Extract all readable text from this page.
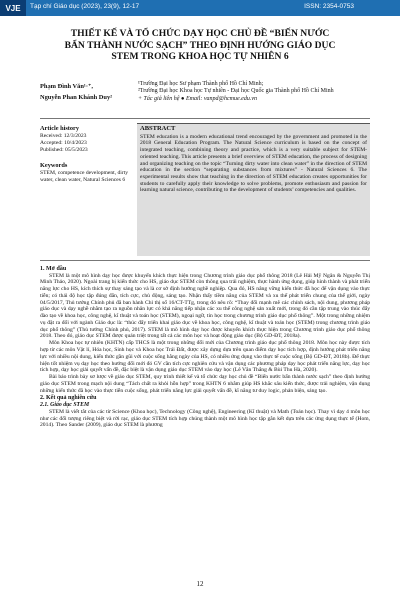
VJE	Tạp chí Giáo dục (2023), 23(9), 12-17	ISSN: 2354-0753
THIẾT KẾ VÀ TỔ CHỨC DẠY HỌC CHỦ ĐỀ “BIẾN NƯỚC BẨN THÀNH NƯỚC SẠCH” THEO ĐỊNH HƯỚNG GIÁO DỤC STEM TRONG KHOA HỌC TỰ NHIÊN 6
Phạm Đình Văn¹·⁺,
Nguyễn Phan Khánh Duy²
¹Trường Đại học Sư phạm Thành phố Hồ Chí Minh;
²Trường Đại học Khoa học Tự nhiên - Đại học Quốc gia Thành phố Hồ Chí Minh
+ Tác giả liên hệ ● Email: vanpd@hcmue.edu.vn
Article history
Received: 12/3/2023
Accepted: 10/4/2023
Published: 05/5/2023
Keywords
STEM, competence development, dirty water, clean water, Natural Sciences 6
ABSTRACT
STEM education is a modern educational trend encouraged by the government and promoted in the 2018 General Education Program. The Natural Science curriculum is based on the concept of integrated teaching, combining theory and practice, which is a very suitable subject for STEM-oriented teaching. This article presents a brief overview of STEM education, the process of designing and organizing teaching on the topic “Turning dirty water into clean water” in the direction of STEM education in the section “separating substances from mixtures” - Natural Sciences 6. The experimental results show that teaching in the direction of STEM education creates opportunities for students to carefully apply their knowledge to solve problems, promote enthusiasm and passion for learning natural science, contributing to the development of students’ competencies and qualities.
1. Mở đầu

STEM là một mô hình dạy học được khuyến khích thực hiện trong Chương trình giáo dục phổ thông 2018 (Lê Hải Mỹ Ngân & Nguyễn Thị Minh Thảo, 2020). Ngoài trang bị kiến thức cho HS, giáo dục STEM còn thông qua trải nghiệm, thực hành ứng dụng, giúp hình thành và phát triển năng lực cho HS, kích thích sự thay sáng tạo và là cơ sở định hướng nghề nghiệp. Qua đó, HS nâng vững kiến thức đã học để vận dụng vào thực tiễn; có thái độ học tập đúng đắn, tích cực, chủ động, sáng tạo. Nhận thấy tiềm năng của STEM và xu thế phát triển chung của thế giới, ngày 04/5/2017, Thủ tướng Chính phủ đã ban hành Chỉ thị số 16/CT-TTg, trong đó nêu rõ: “Thay đổi mạnh mẽ các chính sách, nội dung, phương pháp giáo dục và dạy nghề nhằm tạo ra nguồn nhân lực có khả năng tiếp nhận các xu thế công nghệ sản xuất mới, trong đó cần tập trung vào thúc đẩy đào tạo về khoa học, công nghệ, kĩ thuật và toán học (STEM), ngoại ngữ, tin học trong chương trình giáo dục phổ thông”. Một trong những nhiệm vụ đặt ra đối với ngành Giáo dục là: “thúc đẩy triển khai giáo dục về khoa học, công nghệ, kĩ thuật và toán học (STEM) trong chương trình giáo dục phổ thông” (Thủ tướng Chính phủ, 2017). STEM là mô hình dạy học được khuyến khích thực hiện trong Chương trình giáo dục phổ thông 2018. Theo đó, giáo dục STEM được quán triệt trong tất cả các môn học và hoạt động giáo dục (Bộ GD-ĐT, 2018a).

Môn Khoa học tự nhiên (KHTN) cấp THCS là một trong những đổi mới của Chương trình giáo dục phổ thông 2018. Môn học này được tích hợp từ các môn Vật lí, Hóa học, Sinh học và Khoa học Trái Đất, được xây dựng dựa trên quan điểm dạy học tích hợp, định hướng phát triển năng lực với nhiều nội dung, kiến thức gần gũi với cuộc sống hằng ngày của HS, có nhiều ứng dụng vào thực tế cuộc sống (Bộ GD-ĐT, 2018b). Để thực hiện tốt nhiệm vụ dạy học theo hướng đổi mới đó GV cần tích cực nghiên cứu và vận dụng các phương pháp dạy học phát triển năng lực, dạy học tích hợp, dạy học giải quyết vấn đề, đặc biệt là vận dụng giáo dục STEM vào dạy học (Lê Văn Thắng & Bùi Thu Hà, 2020).

Bài báo trình bày sơ lược về giáo dục STEM, quy trình thiết kế và tổ chức dạy học chủ đề “Biến nước bẩn thành nước sạch” theo định hướng giáo dục STEM trong mạch nội dung “Tách chất ra khỏi hỗn hợp” trong KHTN 6 nhằm giúp HS khắc sâu kiến thức, được trải nghiệm, vận dụng những kiến thức đã học vào thực tiễn cuộc sống, phát triển năng lực giải quyết vấn đề, kĩ năng tư duy logic, phản biện, sáng tạo.

2. Kết quả nghiên cứu
2.1. Giáo dục STEM

STEM là viết tắt của các từ Science (Khoa học), Technology (Công nghệ), Engineering (Kĩ thuật) và Math (Toán học). Thay vì dạy 4 môn học như các đối tượng riêng biệt và rời rạc, giáo dục STEM tích hợp chúng thành một mô hình học tập gắn kết dựa trên các ứng dụng thực tế (Hom, 2014). Theo Sander (2009), giáo dục STEM là phương

12
